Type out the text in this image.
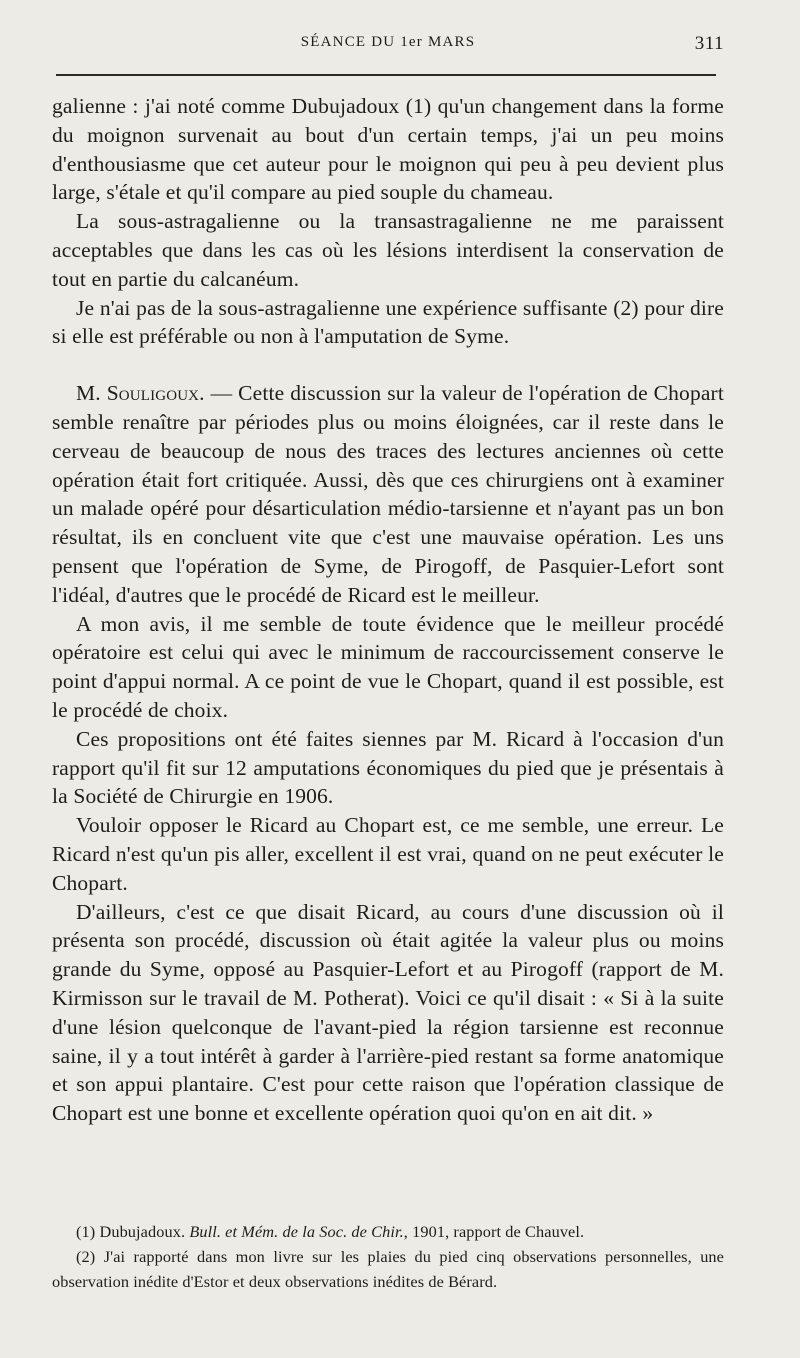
SÉANCE DU 1er MARS	311

galienne : j'ai noté comme Dubujadoux (1) qu'un changement dans la forme du moignon survenait au bout d'un certain temps, j'ai un peu moins d'enthousiasme que cet auteur pour le moignon qui peu à peu devient plus large, s'étale et qu'il compare au pied souple du chameau.

La sous-astragalienne ou la transastragalienne ne me paraissent acceptables que dans les cas où les lésions interdisent la conservation de tout en partie du calcanéum.

Je n'ai pas de la sous-astragalienne une expérience suffisante (2) pour dire si elle est préférable ou non à l'amputation de Syme.

M. Souligoux. — Cette discussion sur la valeur de l'opération de Chopart semble renaître par périodes plus ou moins éloignées, car il reste dans le cerveau de beaucoup de nous des traces des lectures anciennes où cette opération était fort critiquée. Aussi, dès que ces chirurgiens ont à examiner un malade opéré pour désarticulation médio-tarsienne et n'ayant pas un bon résultat, ils en concluent vite que c'est une mauvaise opération. Les uns pensent que l'opération de Syme, de Pirogoff, de Pasquier-Lefort sont l'idéal, d'autres que le procédé de Ricard est le meilleur.

A mon avis, il me semble de toute évidence que le meilleur procédé opératoire est celui qui avec le minimum de raccourcissement conserve le point d'appui normal. A ce point de vue le Chopart, quand il est possible, est le procédé de choix.

Ces propositions ont été faites siennes par M. Ricard à l'occasion d'un rapport qu'il fit sur 12 amputations économiques du pied que je présentais à la Société de Chirurgie en 1906.

Vouloir opposer le Ricard au Chopart est, ce me semble, une erreur. Le Ricard n'est qu'un pis aller, excellent il est vrai, quand on ne peut exécuter le Chopart.

D'ailleurs, c'est ce que disait Ricard, au cours d'une discussion où il présenta son procédé, discussion où était agitée la valeur plus ou moins grande du Syme, opposé au Pasquier-Lefort et au Pirogoff (rapport de M. Kirmisson sur le travail de M. Potherat). Voici ce qu'il disait : « Si à la suite d'une lésion quelconque de l'avant-pied la région tarsienne est reconnue saine, il y a tout intérêt à garder à l'arrière-pied restant sa forme anatomique et son appui plantaire. C'est pour cette raison que l'opération classique de Chopart est une bonne et excellente opération quoi qu'on en ait dit. »

(1) Dubujadoux. Bull. et Mém. de la Soc. de Chir., 1901, rapport de Chauvel.

(2) J'ai rapporté dans mon livre sur les plaies du pied cinq observations personnelles, une observation inédite d'Estor et deux observations inédites de Bérard.
